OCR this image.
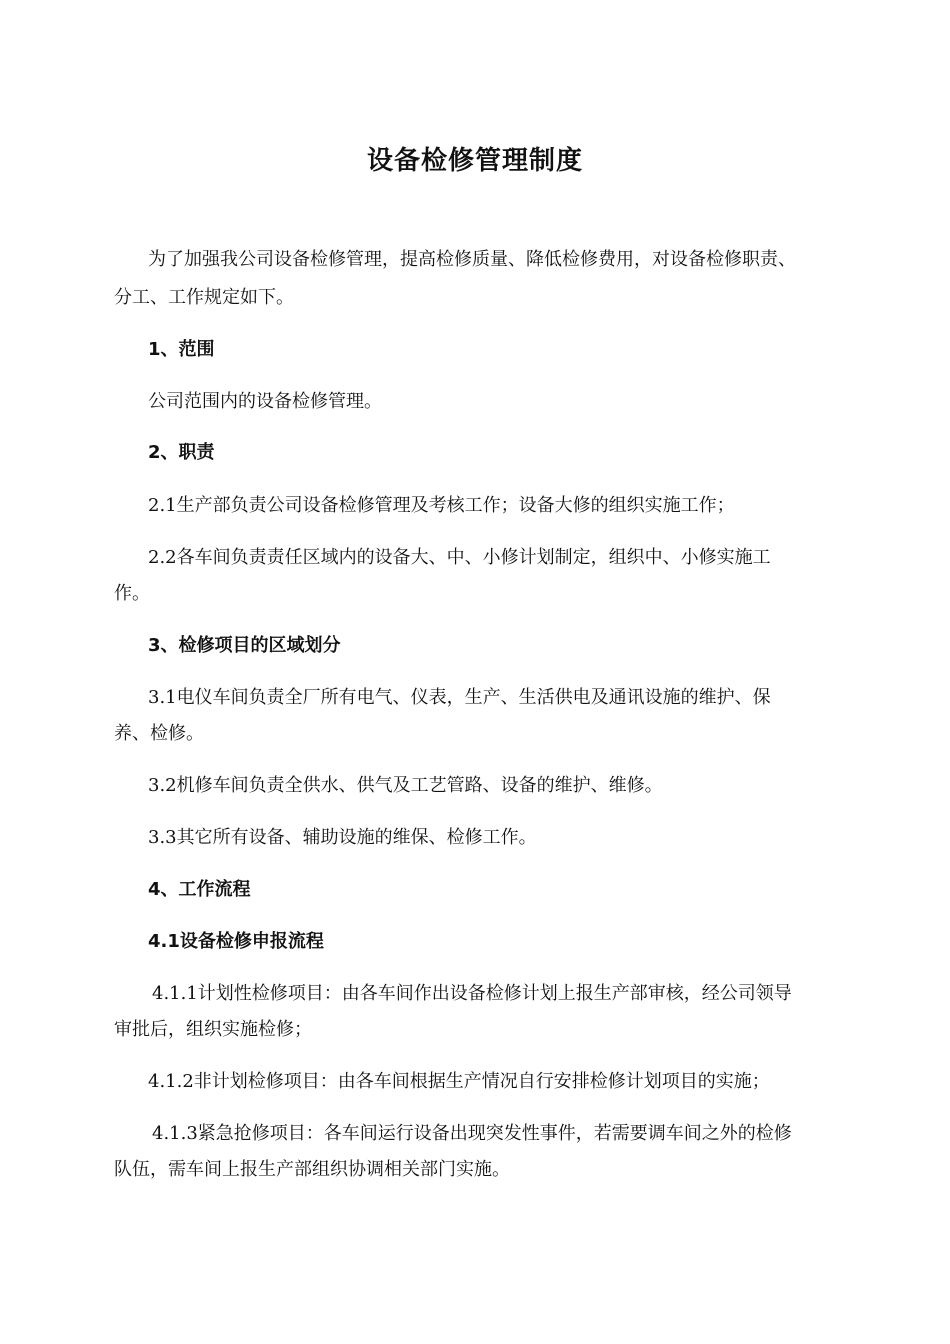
设备检修管理制度
为了加强我公司设备检修管理，提高检修质量、降低检修费用，对设备检修职责、
分工、工作规定如下。
1、范围
公司范围内的设备检修管理。
2、职责
2.1生产部负责公司设备检修管理及考核工作；设备大修的组织实施工作；
2.2各车间负责责任区域内的设备大、中、小修计划制定，组织中、小修实施工
作。
3、检修项目的区域划分
3.1电仪车间负责全厂所有电气、仪表，生产、生活供电及通讯设施的维护、保
养、检修。
3.2机修车间负责全供水、供气及工艺管路、设备的维护、维修。
3.3其它所有设备、辅助设施的维保、检修工作。
4、工作流程
4.1设备检修申报流程
4.1.1计划性检修项目：由各车间作出设备检修计划上报生产部审核，经公司领导
审批后，组织实施检修；
4.1.2非计划检修项目：由各车间根据生产情况自行安排检修计划项目的实施；
4.1.3紧急抢修项目：各车间运行设备出现突发性事件，若需要调车间之外的检修
队伍，需车间上报生产部组织协调相关部门实施。
